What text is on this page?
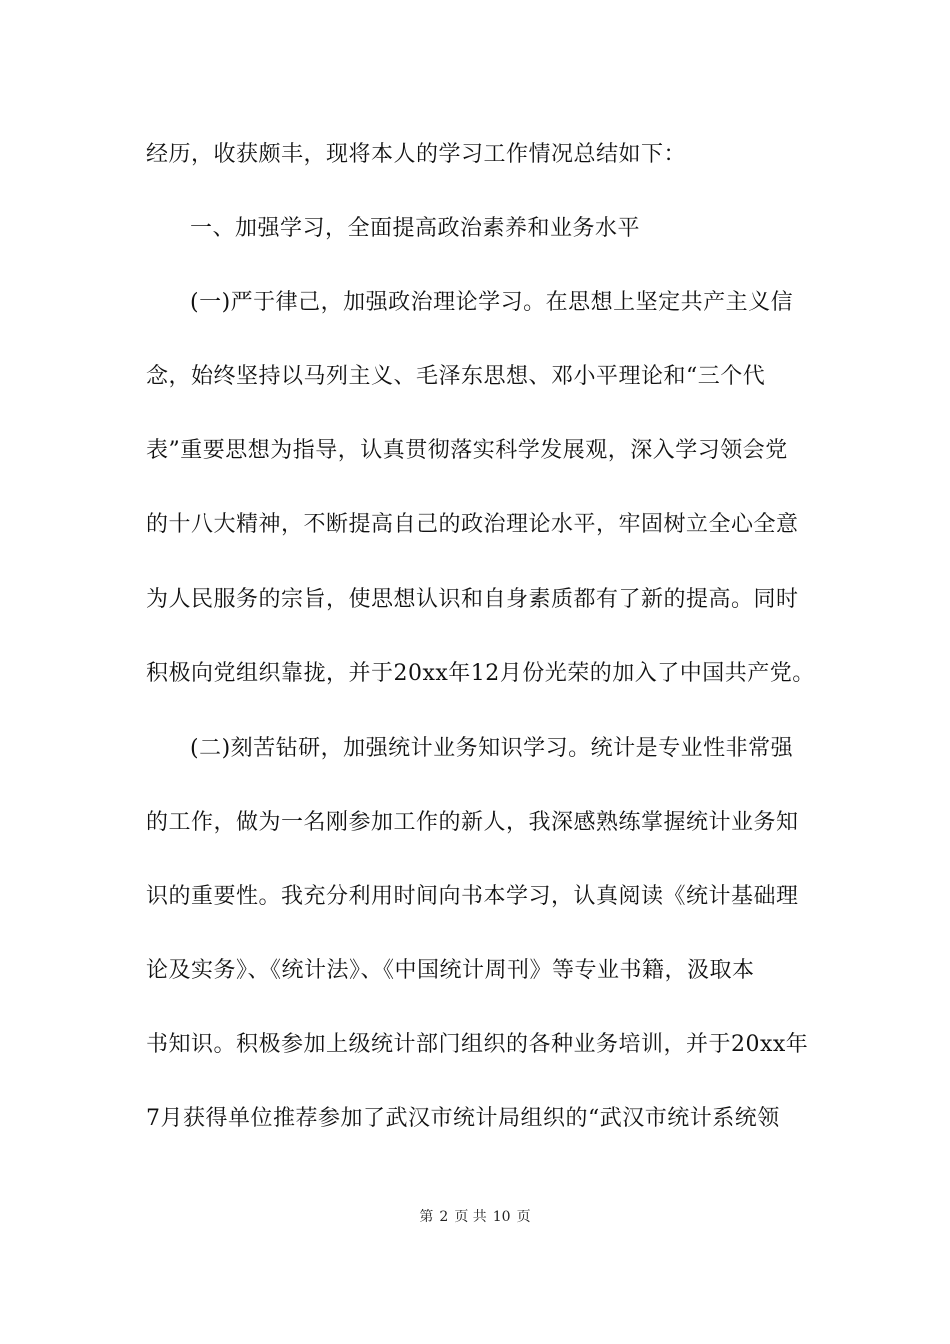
经历，收获颇丰，现将本人的学习工作情况总结如下：
一、加强学习，全面提高政治素养和业务水平
(一)严于律己，加强政治理论学习。在思想上坚定共产主义信
念，始终坚持以马列主义、毛泽东思想、邓小平理论和“三个代
表”重要思想为指导，认真贯彻落实科学发展观，深入学习领会党
的十八大精神，不断提高自己的政治理论水平，牢固树立全心全意
为人民服务的宗旨，使思想认识和自身素质都有了新的提高。同时
积极向党组织靠拢，并于20xx年12月份光荣的加入了中国共产党。
(二)刻苦钻研，加强统计业务知识学习。统计是专业性非常强
的工作，做为一名刚参加工作的新人，我深感熟练掌握统计业务知
识的重要性。我充分利用时间向书本学习，认真阅读《统计基础理
论及实务》、《统计法》、《中国统计周刊》等专业书籍，汲取本
书知识。积极参加上级统计部门组织的各种业务培训，并于20xx年
7月获得单位推荐参加了武汉市统计局组织的“武汉市统计系统领
第 2 页 共 10 页
